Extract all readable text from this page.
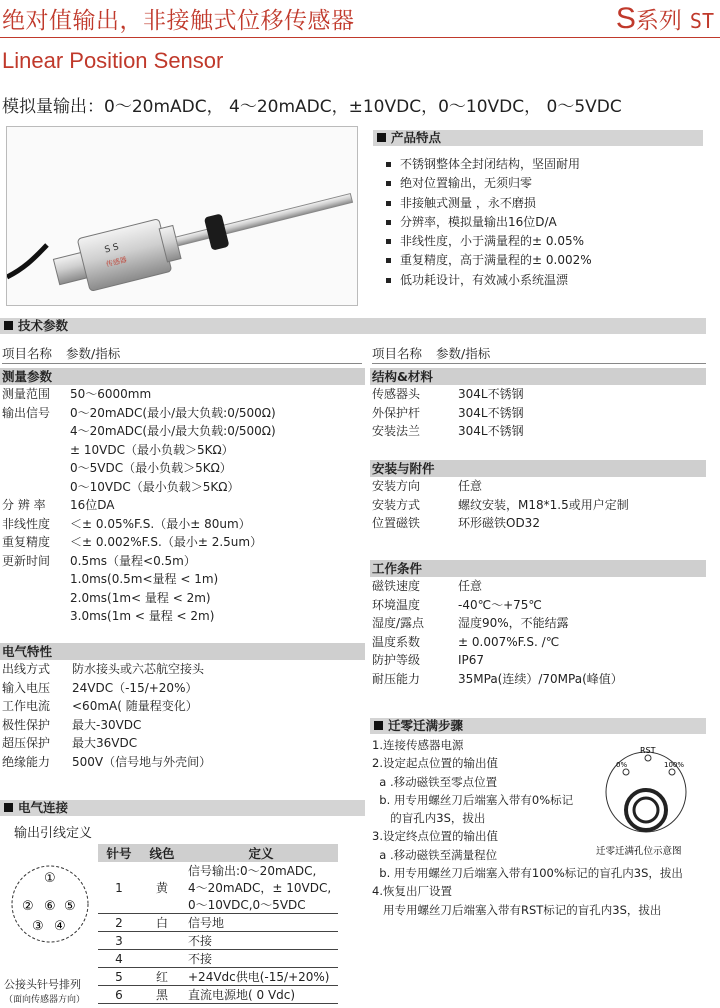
绝对值输出，非接触式位移传感器	S系列 ST
Linear Position Sensor
模拟量输出：0～20mADC， 4～20mADC，±10VDC，0～10VDC， 0～5VDC
S S
传感器
产品特点
不锈钢整体全封闭结构，坚固耐用
绝对位置输出，无须归零
非接触式测量 ，永不磨损
分辨率，模拟量输出16位D/A
非线性度，小于满量程的± 0.05%
重复精度，高于满量程的± 0.002%
低功耗设计，有效减小系统温漂
技术参数
项目名称 参数/指标
测量参数
测量范围 50～6000mm
输出信号 0～20mADC(最小/最大负载:0/500Ω)
4～20mADC(最小/最大负载:0/500Ω)
± 10VDC（最小负载＞5KΩ）
0～5VDC（最小负载＞5KΩ）
0～10VDC（最小负载＞5KΩ）
分 辨 率 16位DA
非线性度 ＜± 0.05%F.S.（最小± 80um）
重复精度 ＜± 0.002%F.S.（最小± 2.5um）
更新时间 0.5ms（量程<0.5m）
1.0ms(0.5m<量程 < 1m)
2.0ms(1m< 量程 < 2m)
3.0ms(1m < 量程 < 2m)
电气特性
出线方式 防水接头或六芯航空接头
输入电压 24VDC（-15/+20%）
工作电流 <60mA( 随量程变化）
极性保护 最大-30VDC
超压保护 最大36VDC
绝缘能力 500V（信号地与外壳间）
项目名称 参数/指标
结构&材料
传感器头	304L不锈钢
外保护杆	304L不锈钢
安装法兰	304L不锈钢
安装与附件
安装方向	任意
安装方式	螺纹安装，M18*1.5或用户定制
位置磁铁	环形磁铁OD32
工作条件
磁铁速度	任意
环境温度	-40℃～+75℃
湿度/露点	湿度90%，不能结露
温度系数	± 0.007%F.S. /℃
防护等级	IP67
耐压能力	35MPa(连续）/70MPa(峰值）
迁零迁满步骤
1.连接传感器电源
2.设定起点位置的输出值
a .移动磁铁至零点位置
b. 用专用螺丝刀后端塞入带有0%标记
的盲孔内3S，拔出
3.设定终点位置的输出值
a .移动磁铁至满量程位
b. 用专用螺丝刀后端塞入带有100%标记的盲孔内3S，拔出
4.恢复出厂设置
用专用螺丝刀后端塞入带有RST标记的盲孔内3S，拔出
RST
0%	100%
迁零迁满孔位示意图
电气连接
输出引线定义
①
② ⑥ ⑤
③ ④
公接头针号排列
（面向传感器方向）
针号	线色	定义
1	黄	信号输出:0～20mADC,
4～20mADC，± 10VDC,
0～10VDC,0～5VDC

2	白	信号地

3		不接

4		不接

5	红	+24Vdc供电(-15/+20%)

6	黑	直流电源地( 0 Vdc)
